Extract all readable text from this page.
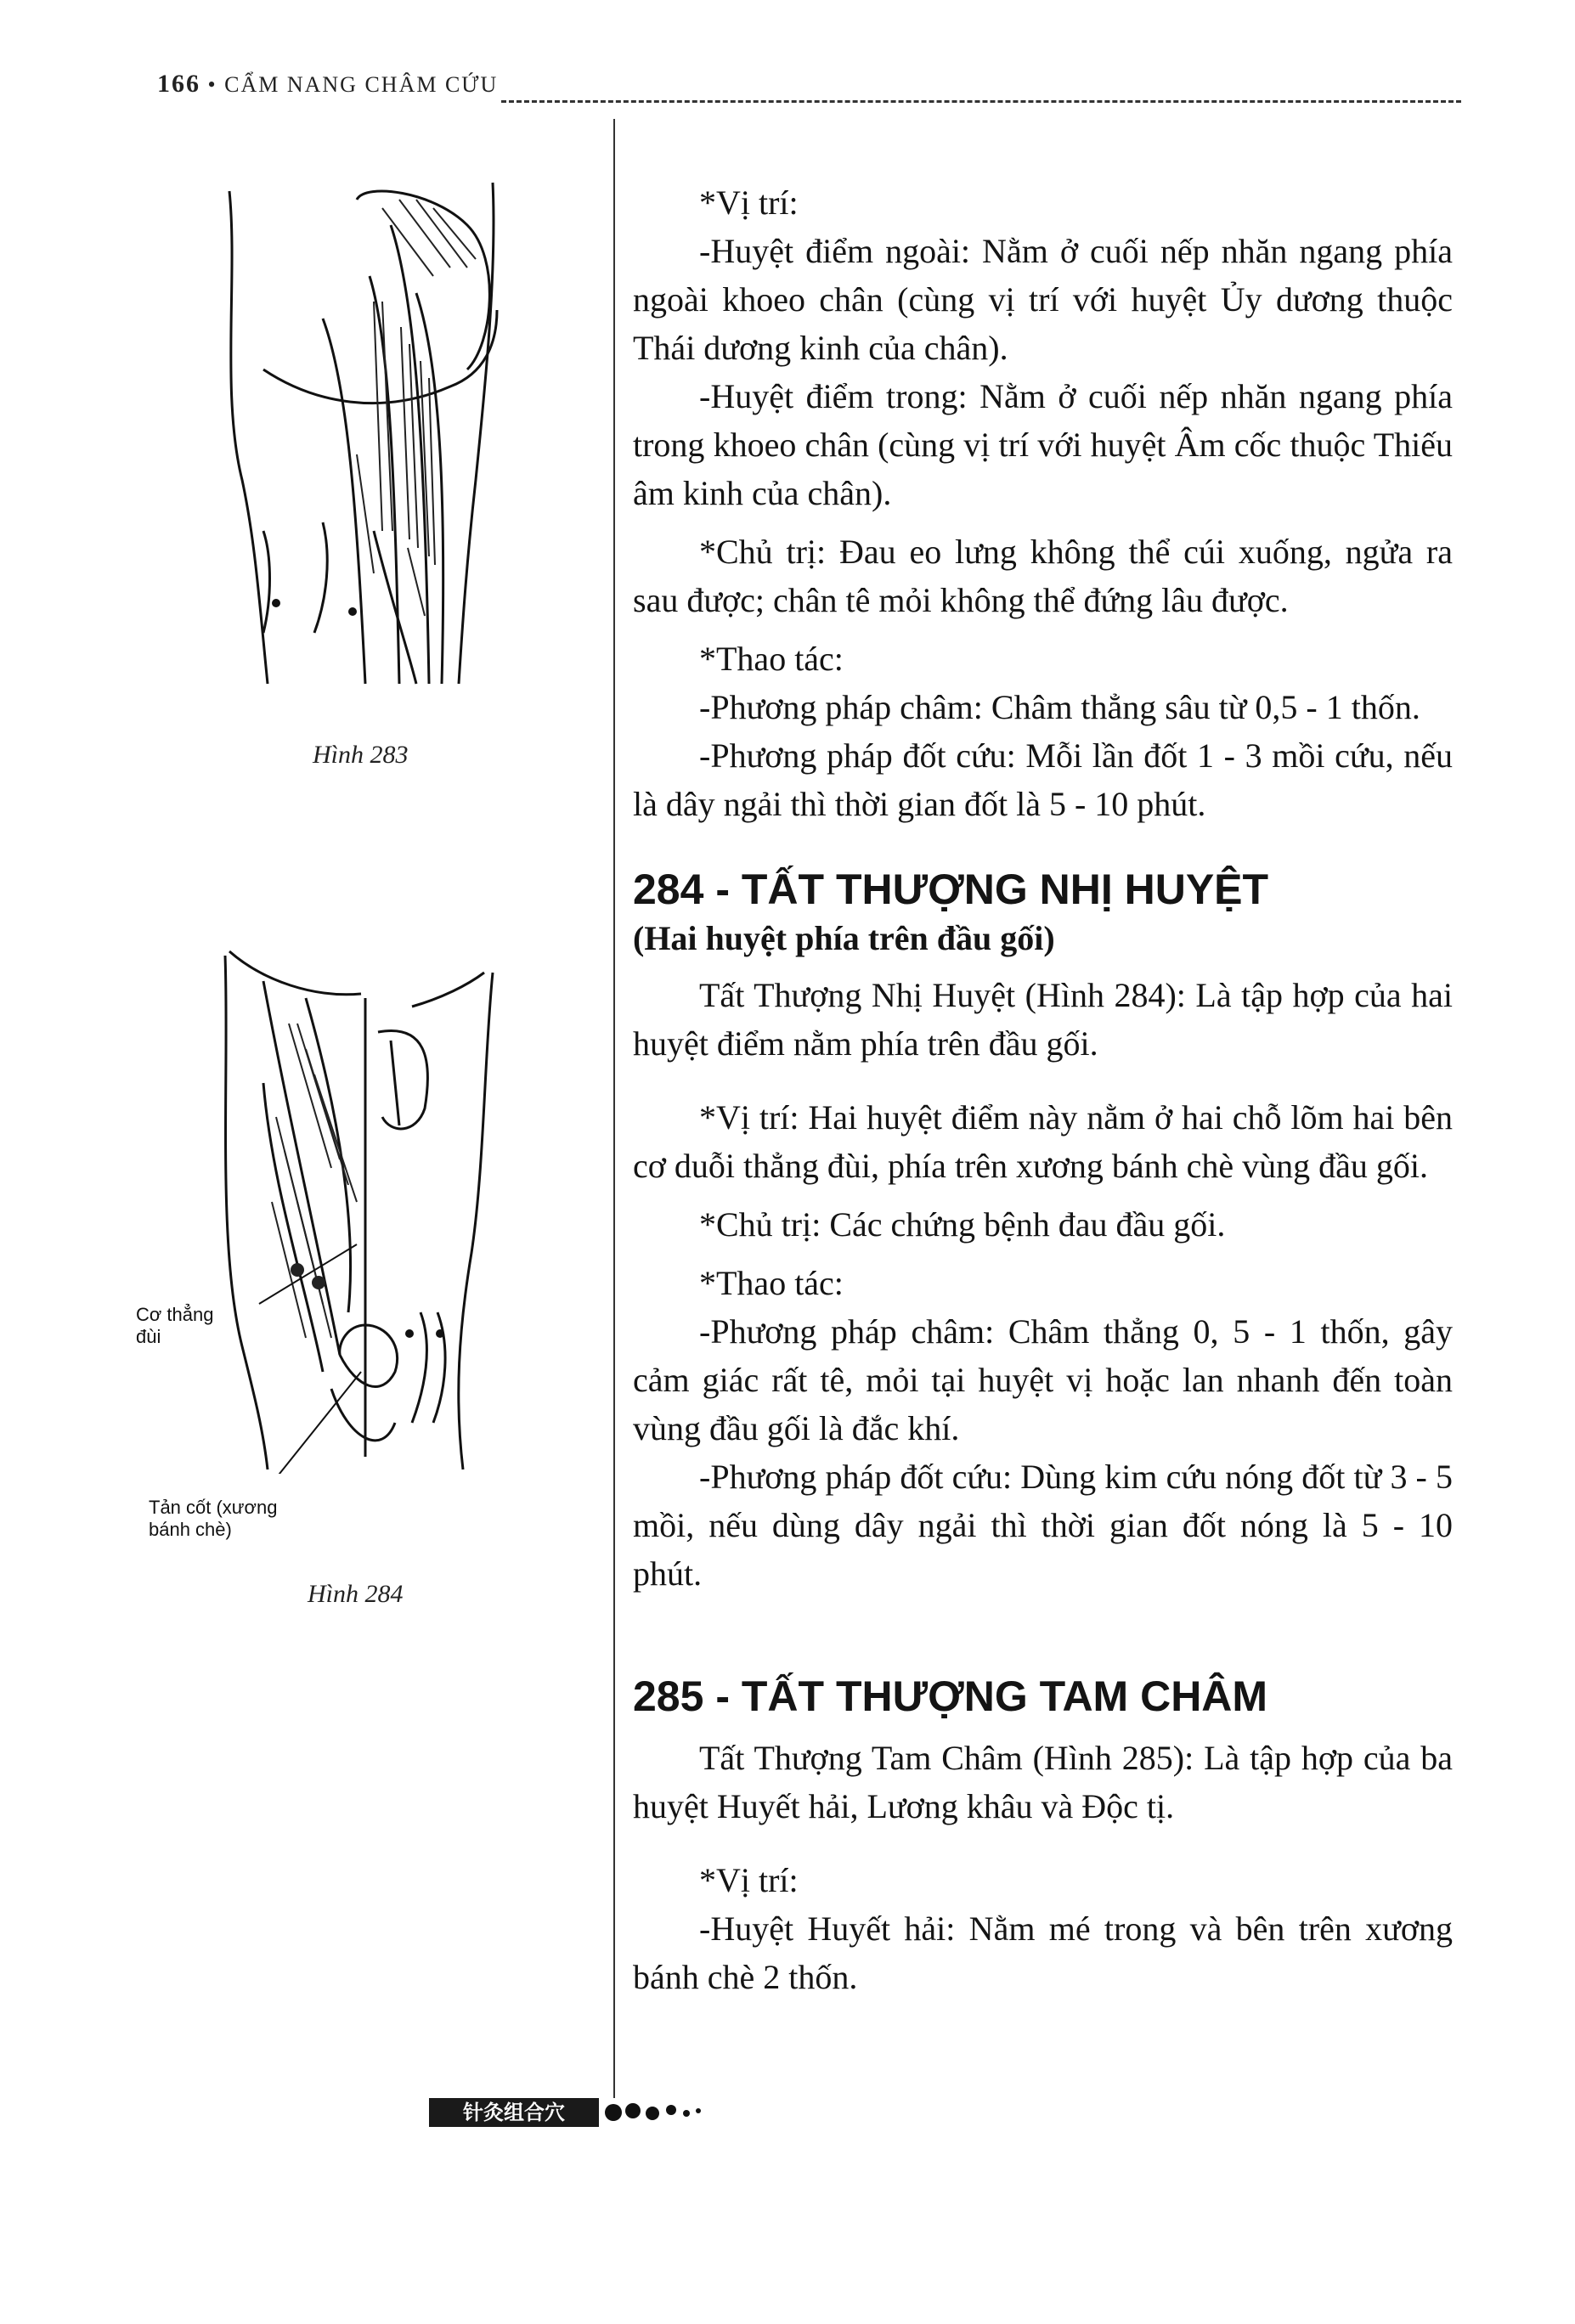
166 • CẨM NANG CHÂM CỨU
Hình 283
Cơ thẳng đùi
Tản cốt (xương bánh chè)
Hình 284

*Vị trí:

-Huyệt điểm ngoài: Nằm ở cuối nếp nhăn ngang phía ngoài khoeo chân (cùng vị trí với huyệt Ủy dương thuộc Thái dương kinh của chân).

-Huyệt điểm trong: Nằm ở cuối nếp nhăn ngang phía trong khoeo chân (cùng vị trí với huyệt Âm cốc thuộc Thiếu âm kinh của chân).

*Chủ trị: Đau eo lưng không thể cúi xuống, ngửa ra sau được; chân tê mỏi không thể đứng lâu được.

*Thao tác:

-Phương pháp châm: Châm thẳng sâu từ 0,5 - 1 thốn.

-Phương pháp đốt cứu: Mỗi lần đốt 1 - 3 mồi cứu, nếu là dây ngải thì thời gian đốt là 5 - 10 phút.

284 - TẤT THƯỢNG NHỊ HUYỆT

(Hai huyệt phía trên đầu gối)

Tất Thượng Nhị Huyệt (Hình 284): Là tập hợp của hai huyệt điểm nằm phía trên đầu gối.

*Vị trí: Hai huyệt điểm này nằm ở hai chỗ lõm hai bên cơ duỗi thẳng đùi, phía trên xương bánh chè vùng đầu gối.

*Chủ trị: Các chứng bệnh đau đầu gối.

*Thao tác:

-Phương pháp châm: Châm thẳng 0, 5 - 1 thốn, gây cảm giác rất tê, mỏi tại huyệt vị hoặc lan nhanh đến toàn vùng đầu gối là đắc khí.

-Phương pháp đốt cứu: Dùng kim cứu nóng đốt từ 3 - 5 mồi, nếu dùng dây ngải thì thời gian đốt nóng là 5 - 10 phút.

285 - TẤT THƯỢNG TAM CHÂM

Tất Thượng Tam Châm (Hình 285): Là tập hợp của ba huyệt Huyết hải, Lương khâu và Độc tị.

*Vị trí:

-Huyệt Huyết hải: Nằm mé trong và bên trên xương bánh chè 2 thốn.

针灸组合穴
